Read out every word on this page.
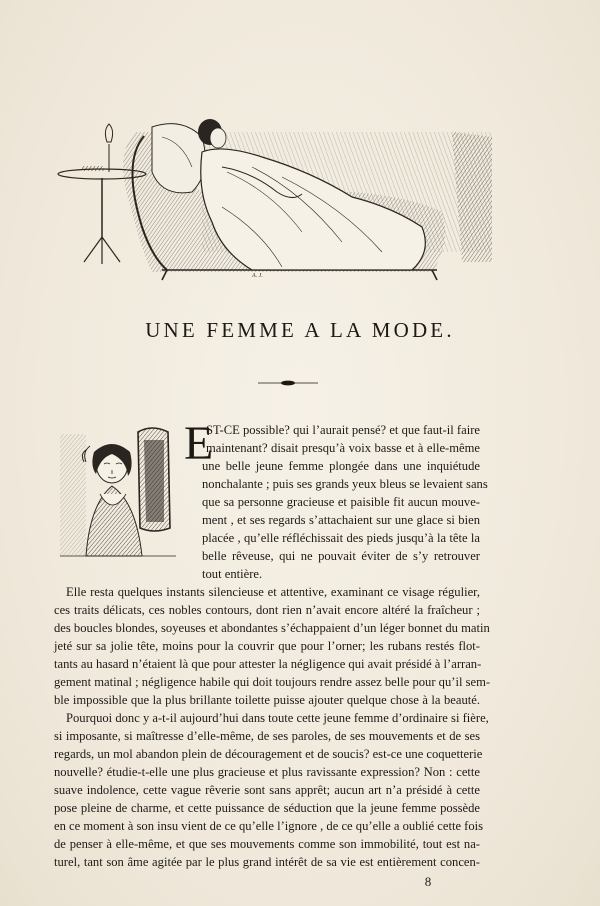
A. J.
UNE FEMME A LA MODE.
E
ST-CE possible? qui l’aurait pensé? et que faut-il faire
maintenant? disait presqu’à voix basse et à elle-même
une belle jeune femme plongée dans une inquiétude
nonchalante ; puis ses grands yeux bleus se levaient sans
que sa personne gracieuse et paisible fit aucun mouve-
ment , et ses regards s’attachaient sur une glace si bien
placée , qu’elle réfléchissait des pieds jusqu’à la tête la
belle rêveuse, qui ne pouvait éviter de s’y retrouver
tout entière.
Elle resta quelques instants silencieuse et attentive, examinant ce visage régulier,
ces traits délicats, ces nobles contours, dont rien n’avait encore altéré la fraîcheur ;
des boucles blondes, soyeuses et abondantes s’échappaient d’un léger bonnet du matin
jeté sur sa jolie tête, moins pour la couvrir que pour l’orner; les rubans restés flot-
tants au hasard n’étaient là que pour attester la négligence qui avait présidé à l’arran-
gement matinal ; négligence habile qui doit toujours rendre assez belle pour qu’il sem-
ble impossible que la plus brillante toilette puisse ajouter quelque chose à la beauté.
Pourquoi donc y a-t-il aujourd’hui dans toute cette jeune femme d’ordinaire si fière,
si imposante, si maîtresse d’elle-même, de ses paroles, de ses mouvements et de ses
regards, un mol abandon plein de découragement et de soucis? est-ce une coquetterie
nouvelle? étudie-t-elle une plus gracieuse et plus ravissante expression? Non : cette
suave indolence, cette vague rêverie sont sans apprêt; aucun art n’a présidé à cette
pose pleine de charme, et cette puissance de séduction que la jeune femme possède
en ce moment à son insu vient de ce qu’elle l’ignore , de ce qu’elle a oublié cette fois
de penser à elle-même, et que ses mouvements comme son immobilité, tout est na-
turel, tant son âme agitée par le plus grand intérêt de sa vie est entièrement concen-
8
